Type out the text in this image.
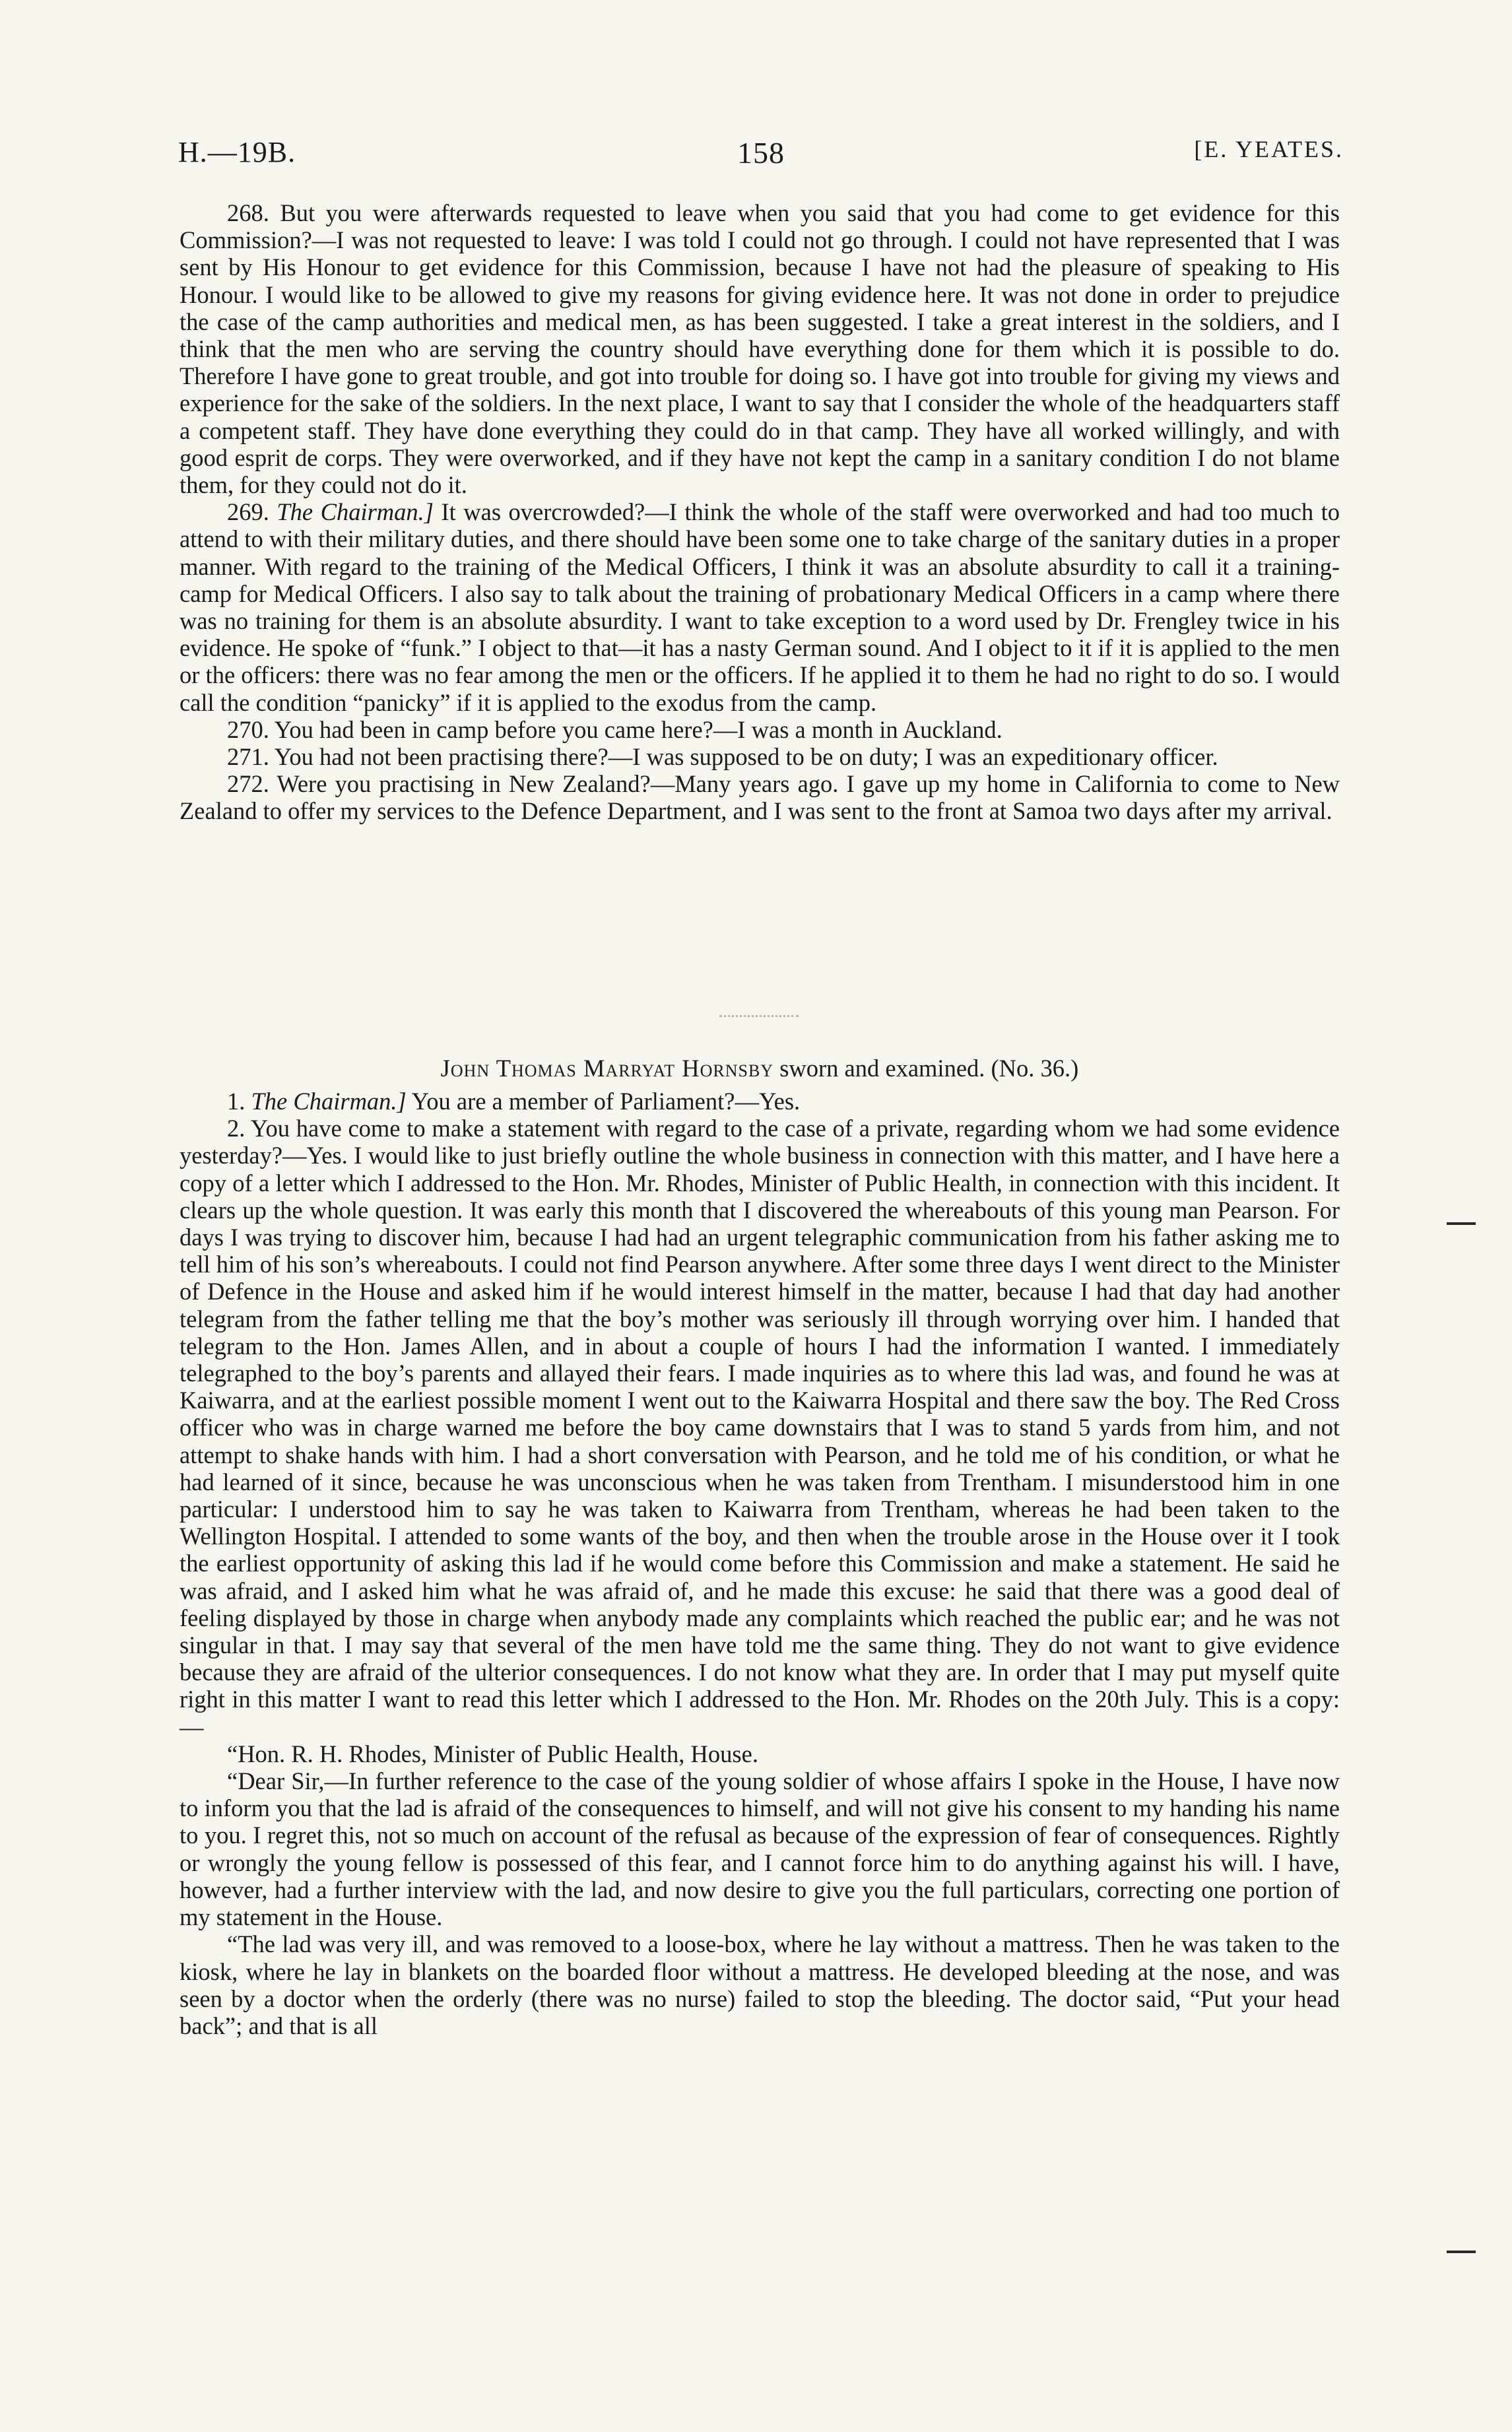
H.—19B.	158	[E. YEATES.

268. But you were afterwards requested to leave when you said that you had come to get evidence for this Commission?—I was not requested to leave: I was told I could not go through. I could not have represented that I was sent by His Honour to get evidence for this Commission, because I have not had the pleasure of speaking to His Honour. I would like to be allowed to give my reasons for giving evidence here. It was not done in order to prejudice the case of the camp authorities and medical men, as has been suggested. I take a great interest in the soldiers, and I think that the men who are serving the country should have everything done for them which it is possible to do. Therefore I have gone to great trouble, and got into trouble for doing so. I have got into trouble for giving my views and experience for the sake of the soldiers. In the next place, I want to say that I consider the whole of the headquarters staff a competent staff. They have done everything they could do in that camp. They have all worked willingly, and with good esprit de corps. They were overworked, and if they have not kept the camp in a sanitary condition I do not blame them, for they could not do it.

269. The Chairman.] It was overcrowded?—I think the whole of the staff were overworked and had too much to attend to with their military duties, and there should have been some one to take charge of the sanitary duties in a proper manner. With regard to the training of the Medical Officers, I think it was an absolute absurdity to call it a training-camp for Medical Officers. I also say to talk about the training of probationary Medical Officers in a camp where there was no training for them is an absolute absurdity. I want to take exception to a word used by Dr. Frengley twice in his evidence. He spoke of “funk.” I object to that—it has a nasty German sound. And I object to it if it is applied to the men or the officers: there was no fear among the men or the officers. If he applied it to them he had no right to do so. I would call the condition “panicky” if it is applied to the exodus from the camp.

270. You had been in camp before you came here?—I was a month in Auckland.

271. You had not been practising there?—I was supposed to be on duty; I was an expeditionary officer.

272. Were you practising in New Zealand?—Many years ago. I gave up my home in California to come to New Zealand to offer my services to the Defence Department, and I was sent to the front at Samoa two days after my arrival.

John Thomas Marryat Hornsby sworn and examined. (No. 36.)

1. The Chairman.] You are a member of Parliament?—Yes.

2. You have come to make a statement with regard to the case of a private, regarding whom we had some evidence yesterday?—Yes. I would like to just briefly outline the whole business in connection with this matter, and I have here a copy of a letter which I addressed to the Hon. Mr. Rhodes, Minister of Public Health, in connection with this incident. It clears up the whole question. It was early this month that I discovered the whereabouts of this young man Pearson. For days I was trying to discover him, because I had had an urgent telegraphic communication from his father asking me to tell him of his son’s whereabouts. I could not find Pearson anywhere. After some three days I went direct to the Minister of Defence in the House and asked him if he would interest himself in the matter, because I had that day had another telegram from the father telling me that the boy’s mother was seriously ill through worrying over him. I handed that telegram to the Hon. James Allen, and in about a couple of hours I had the information I wanted. I immediately telegraphed to the boy’s parents and allayed their fears. I made inquiries as to where this lad was, and found he was at Kaiwarra, and at the earliest possible moment I went out to the Kaiwarra Hospital and there saw the boy. The Red Cross officer who was in charge warned me before the boy came downstairs that I was to stand 5 yards from him, and not attempt to shake hands with him. I had a short conversation with Pearson, and he told me of his condition, or what he had learned of it since, because he was unconscious when he was taken from Trentham. I misunderstood him in one particular: I understood him to say he was taken to Kaiwarra from Trentham, whereas he had been taken to the Wellington Hospital. I attended to some wants of the boy, and then when the trouble arose in the House over it I took the earliest opportunity of asking this lad if he would come before this Commission and make a statement. He said he was afraid, and I asked him what he was afraid of, and he made this excuse: he said that there was a good deal of feeling displayed by those in charge when anybody made any complaints which reached the public ear; and he was not singular in that. I may say that several of the men have told me the same thing. They do not want to give evidence because they are afraid of the ulterior consequences. I do not know what they are. In order that I may put myself quite right in this matter I want to read this letter which I addressed to the Hon. Mr. Rhodes on the 20th July. This is a copy:—

“Hon. R. H. Rhodes, Minister of Public Health, House.

“Dear Sir,—In further reference to the case of the young soldier of whose affairs I spoke in the House, I have now to inform you that the lad is afraid of the consequences to himself, and will not give his consent to my handing his name to you. I regret this, not so much on account of the refusal as because of the expression of fear of consequences. Rightly or wrongly the young fellow is possessed of this fear, and I cannot force him to do anything against his will. I have, however, had a further interview with the lad, and now desire to give you the full particulars, correcting one portion of my statement in the House.

“The lad was very ill, and was removed to a loose-box, where he lay without a mattress. Then he was taken to the kiosk, where he lay in blankets on the boarded floor without a mattress. He developed bleeding at the nose, and was seen by a doctor when the orderly (there was no nurse) failed to stop the bleeding. The doctor said, “Put your head back”; and that is all
